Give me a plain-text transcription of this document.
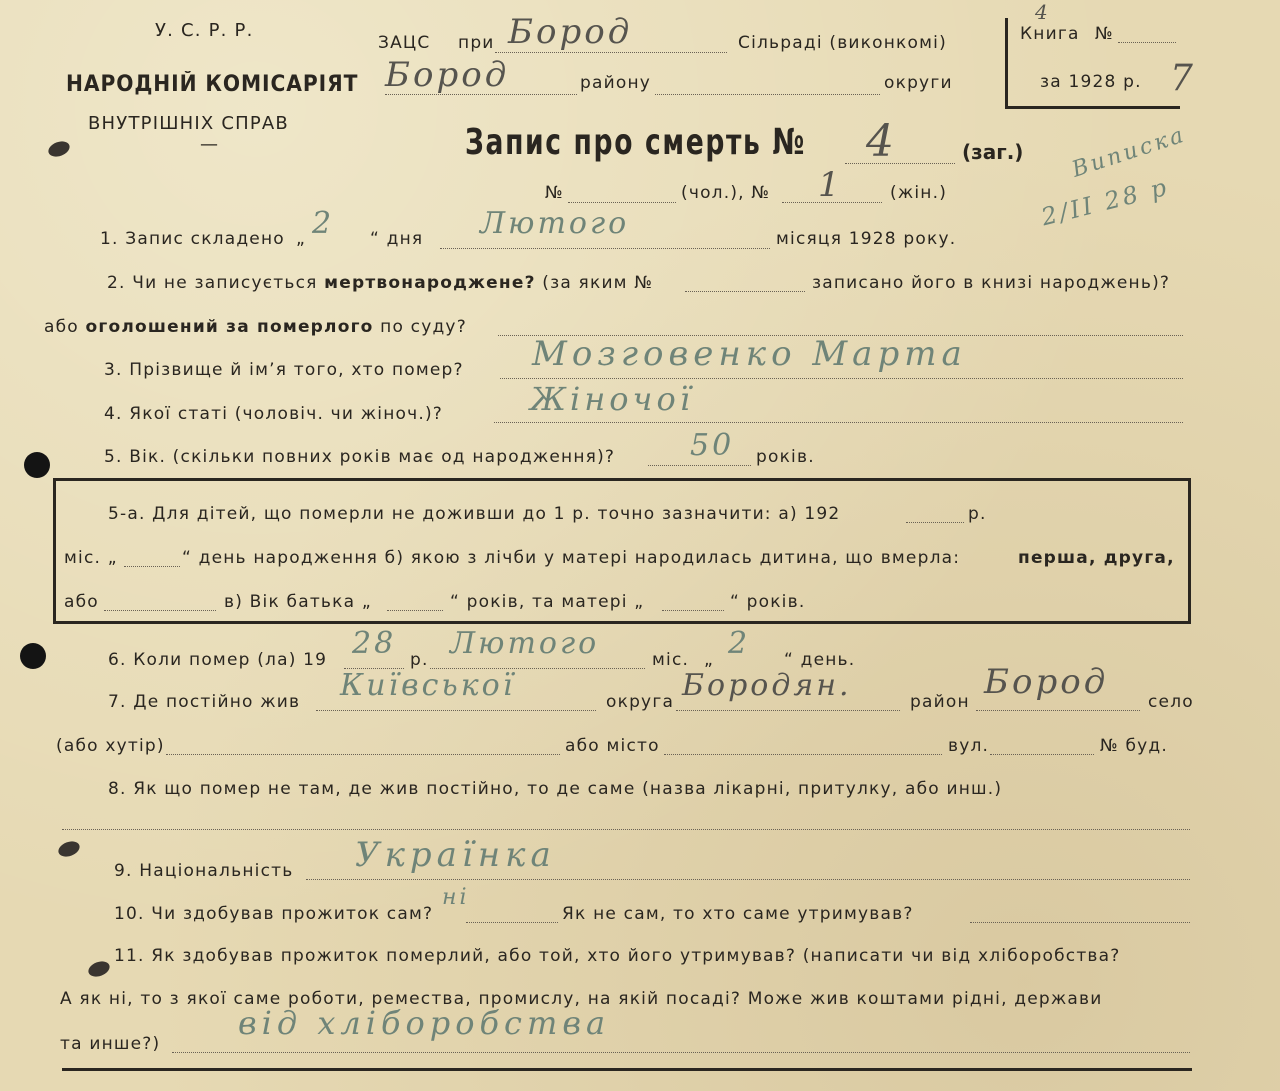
У. С. Р. Р.
НАРОДНІЙ КОМІСАРІЯТ
ВНУТРІШНІХ СПРАВ
—
ЗАЦС при Бород	Сільраді (виконкомі)
Бород	району	округи
Книга №
4
за 1928 р. 7
Запис про смерть № 4	(заг.) Виписка
2/II 28 р
№	(чол.), № 1	(жін.)
1. Запис складено „ 2 “ дня Лютого	місяця 1928 року.
2. Чи не записується мертвонароджене? (за яким №	записано його в книзі народжень)?
або оголошений за померлого по суду?
3. Прізвище й ім’я того, хто помер? Мозговенко Марта
4. Якої статі (чоловіч. чи жіноч.)?	Жіночої
5. Вік. (скільки повних років має од народження)? 50 років.
5-а. Для дітей, що померли не доживши до 1 р. точно зазначити: а) 192	р.
міс. „	“ день народження б) якою з лічби у матері народилась дитина, що вмерла:	перша, друга,
або	в) Вік батька „	“ років, та матері „	“ років.
6. Коли помер (ла) 19 28 р. Лютого	міс. „ 2 “ день.
7. Де постійно жив Київської	округа Бородян.	район Бород село
(або хутір)	або місто	вул.	№ буд.
8. Як що помер не там, де жив постійно, то де саме (назва лікарні, притулку, або инш.)
9. Національність Українка
10. Чи здобував прожиток сам?
ні
Як не сам, то хто саме утримував?
11. Як здобував прожиток померлий, або той, хто його утримував? (написати чи від хліборобства?
А як ні, то з якої саме роботи, ремества, промислу, на якій посаді? Може жив коштами рідні, держави
та инше?)
від хліборобства
